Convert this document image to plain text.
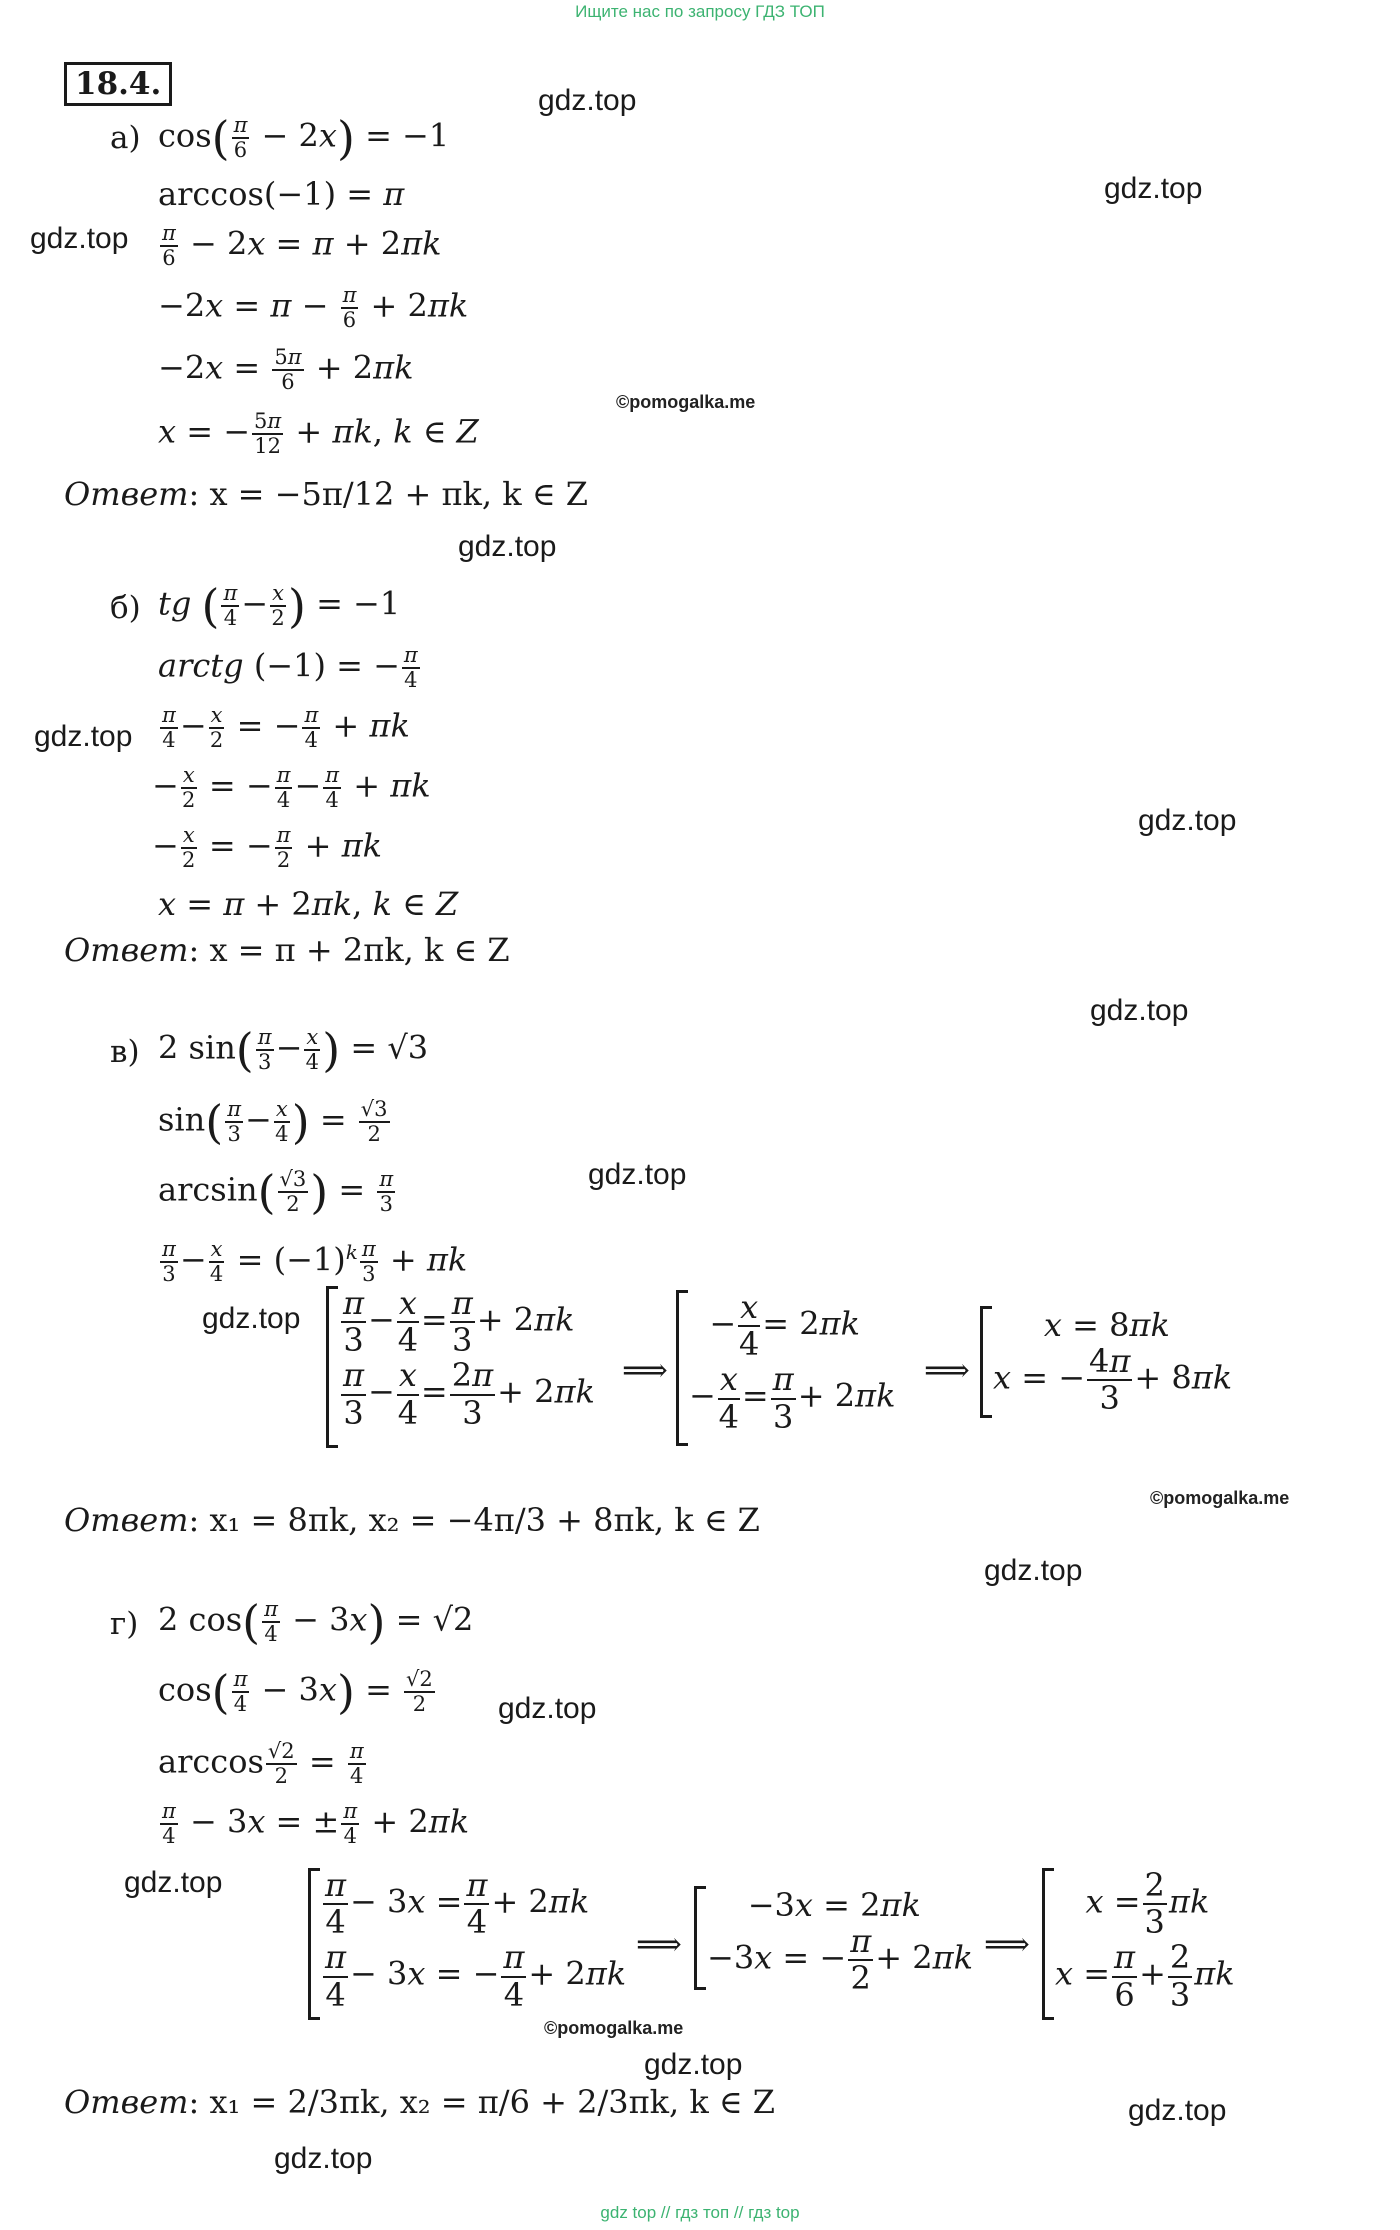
Ищите нас по запросу ГДЗ ТОП
18.4.	gdz.top
gdz.top
gdz.top
©pomogalka.me
gdz.top
gdz.top
gdz.top
gdz.top
gdz.top
gdz.top
©pomogalka.me
gdz.top
gdz.top
gdz.top
©pomogalka.me
gdz.top
gdz.top
gdz.top
а) $\cos( \frac{\pi}{6} - 2x) = -1$
arccos(−1) = π
$\frac{\pi}{6} - 2x = \pi + 2\pi k$
$-2x = \pi - \frac{\pi}{6} + 2\pi k$
$-2x = \frac{5\pi}{6} + 2\pi k$
x = − $\frac{5\pi}{12} + \pi k$, k ∈ Z
Ответ: x = −5π/12 + πk, k ∈ Z
б) tg ( $\frac{\pi}{4} - \frac{x}{2}$ ) = −1
arctg (−1) = − $\frac{\pi}{4}$
$\frac{\pi}{4} - \frac{x}{2}$ = − $\frac{\pi}{4} + \pi k$
− $\frac{x}{2}$ = − $\frac{\pi}{4} - \frac{\pi}{4} + \pi k$
− $\frac{x}{2}$ = − $\frac{\pi}{2} + \pi k$
x = π + 2πk, k ∈ Z
Ответ: x = π + 2πk, k ∈ Z
в) 2 $\sin( \frac{\pi}{3} - \frac{x}{4}$ ) = √3
$\sin( \frac{\pi}{3} - \frac{x}{4}$ ) = $\frac{√3}{2}$
$\arcsin( \frac{√3}{2}$ ) = $\frac{\pi}{3}$
$\frac{\pi}{3} - \frac{x}{4} = (-1)^k \frac{\pi}{3} + \pi k$
$\frac{\pi}{3} - \frac{x}{4} = \frac{\pi}{3} + 2\pi k$
$\frac{\pi}{3} - \frac{x}{4} = \frac{2\pi}{3} + 2\pi k$
⟹
− $\frac{x}{4} = 2\pi k$
− $\frac{x}{4} = \frac{\pi}{3} + 2\pi k$
⟹
x = 8πk
x = − $\frac{4\pi}{3} + 8\pi k$
Ответ: x₁ = 8πk, x₂ = −4π/3 + 8πk, k ∈ Z
г) 2 $\cos( \frac{\pi}{4} - 3x) = √2$
$\cos( \frac{\pi}{4} - 3x) = \frac{√2}{2}$
$\arccos \frac{√2}{2} = \frac{\pi}{4}$
$\frac{\pi}{4} - 3x$ = ± $\frac{\pi}{4} + 2\pi k$
$\frac{\pi}{4} - 3x = \frac{\pi}{4} + 2\pi k$
$\frac{\pi}{4} - 3x$ = − $\frac{\pi}{4} + 2\pi k$
⟹
−3x = 2πk
−3x = − $\frac{\pi}{2} + 2\pi k$ ⟹
$x = \frac{2}{3}$ πk
$x = \frac{\pi}{6} + \frac{2}{3}$ πk
Ответ: x₁ = 2/3πk, x₂ = π/6 + 2/3πk, k ∈ Z
gdz top // гдз топ // гдз top
